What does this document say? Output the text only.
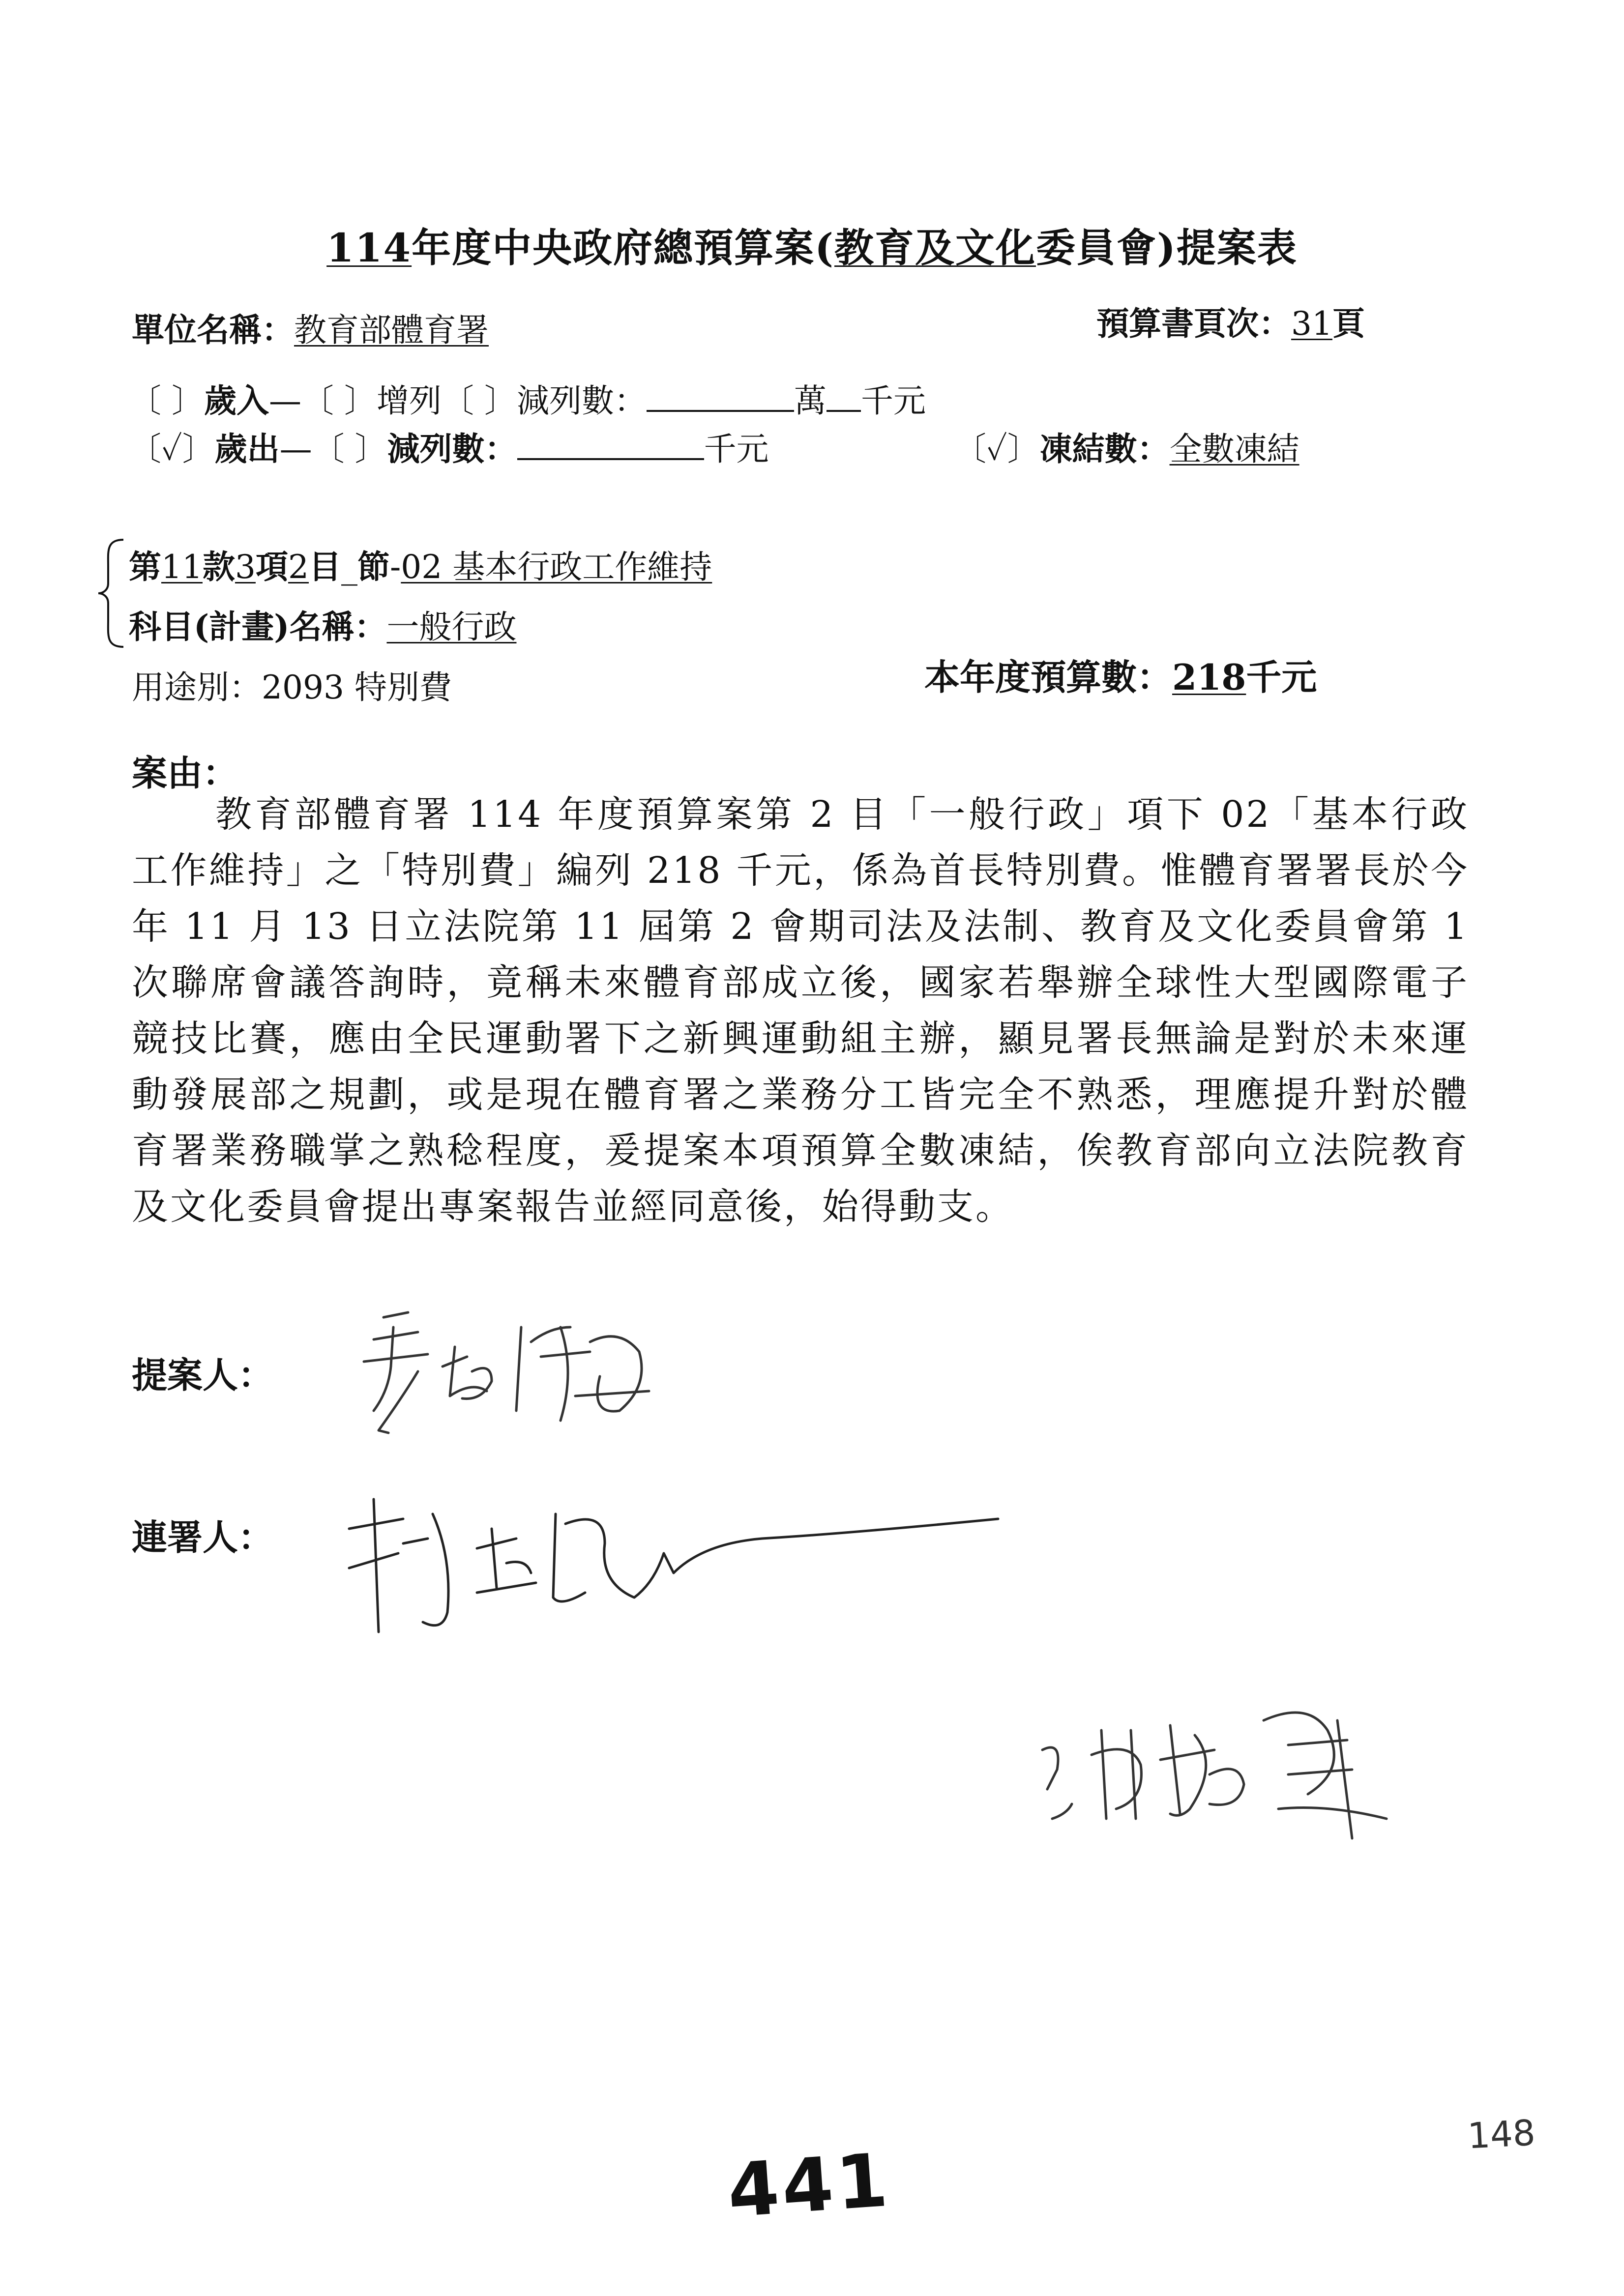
114年度中央政府總預算案(教育及文化委員會)提案表
單位名稱：教育部體育署	預算書頁次：31頁
〔 〕歲入—〔 〕增列〔 〕減列數：	萬 千元
〔✓〕歲出—〔 〕減列數：	千元	〔✓〕凍結數：全數凍結
第11款3項2目_節-02 基本行政工作維持
科目(計畫)名稱：一般行政
用途別：2093 特別費	本年度預算數：218千元
案由：
教育部體育署 114 年度預算案第 2 目「一般行政」項下 02「基本行政工作維持」之「特別費」編列 218 千元，係為首長特別費。惟體育署署長於今年 11 月 13 日立法院第 11 屆第 2 會期司法及法制、教育及文化委員會第 1 次聯席會議答詢時，竟稱未來體育部成立後，國家若舉辦全球性大型國際電子競技比賽，應由全民運動署下之新興運動組主辦，顯見署長無論是對於未來運動發展部之規劃，或是現在體育署之業務分工皆完全不熟悉，理應提升對於體育署業務職掌之熟稔程度，爰提案本項預算全數凍結，俟教育部向立法院教育及文化委員會提出專案報告並經同意後，始得動支。
提案人：
連署人：
441
148
